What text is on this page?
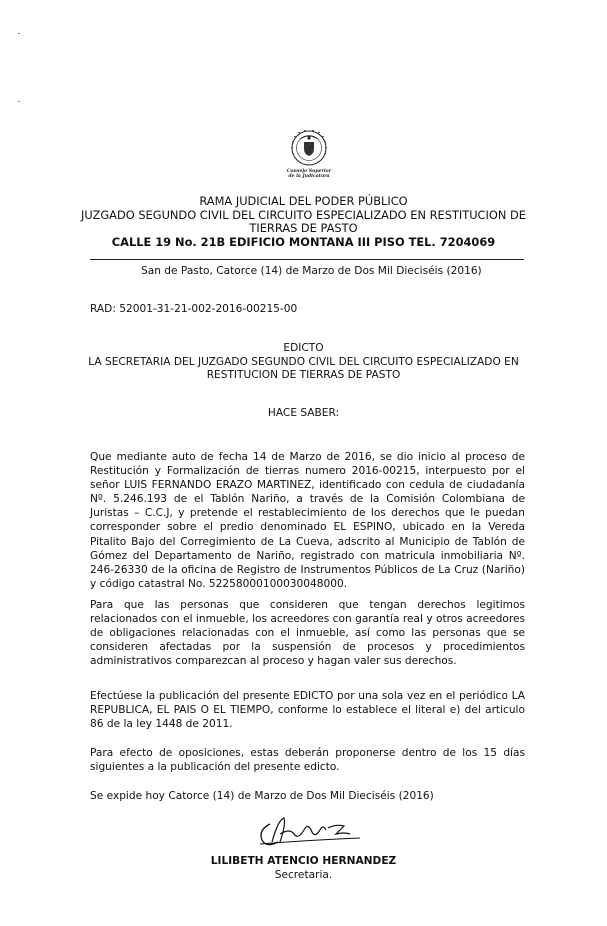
Consejo Superior
de la Judicatura
RAMA JUDICIAL DEL PODER PÚBLICO
JUZGADO SEGUNDO CIVIL DEL CIRCUITO ESPECIALIZADO EN RESTITUCION DE
TIERRAS DE PASTO
CALLE 19 No. 21B EDIFICIO MONTANA III PISO TEL. 7204069
San de Pasto, Catorce (14) de Marzo de Dos Mil Dieciséis (2016)
RAD: 52001-31-21-002-2016-00215-00
EDICTO
LA SECRETARIA DEL JUZGADO SEGUNDO CIVIL DEL CIRCUITO ESPECIALIZADO EN
RESTITUCION DE TIERRAS DE PASTO
HACE SABER:
Que mediante auto de fecha 14 de Marzo de 2016, se dio inicio al proceso de Restitución y Formalización de tierras numero 2016-00215, interpuesto por el señor LUIS FERNANDO ERAZO MARTINEZ, identificado con cedula de ciudadanía Nº. 5.246.193 de el Tablón Nariño, a través de la Comisión Colombiana de Juristas – C.C.J, y pretende el restablecimiento de los derechos que le puedan corresponder sobre el predio denominado EL ESPINO, ubicado en la Vereda Pitalito Bajo del Corregimiento de La Cueva, adscrito al Municipio de Tablón de Gómez del Departamento de Nariño, registrado con matricula inmobiliaria Nº. 246-26330 de la oficina de Registro de Instrumentos Públicos de La Cruz (Nariño) y código catastral No. 52258000100030048000.
Para que las personas que consideren que tengan derechos legitimos relacionados con el inmueble, los acreedores con garantía real y otros acreedores de obligaciones relacionadas con el inmueble, así como las personas que se consideren afectadas por la suspensión de procesos y procedimientos administrativos comparezcan al proceso y hagan valer sus derechos.
Efectúese la publicación del presente EDICTO por una sola vez en el periódico LA REPUBLICA, EL PAIS O EL TIEMPO, conforme lo establece el literal e) del articulo 86 de la ley 1448 de 2011.
Para efecto de oposiciones, estas deberán proponerse dentro de los 15 días siguientes a la publicación del presente edicto.
Se expide hoy Catorce (14) de Marzo de Dos Mil Dieciséis (2016)
LILIBETH ATENCIO HERNANDEZ
Secretaria.
